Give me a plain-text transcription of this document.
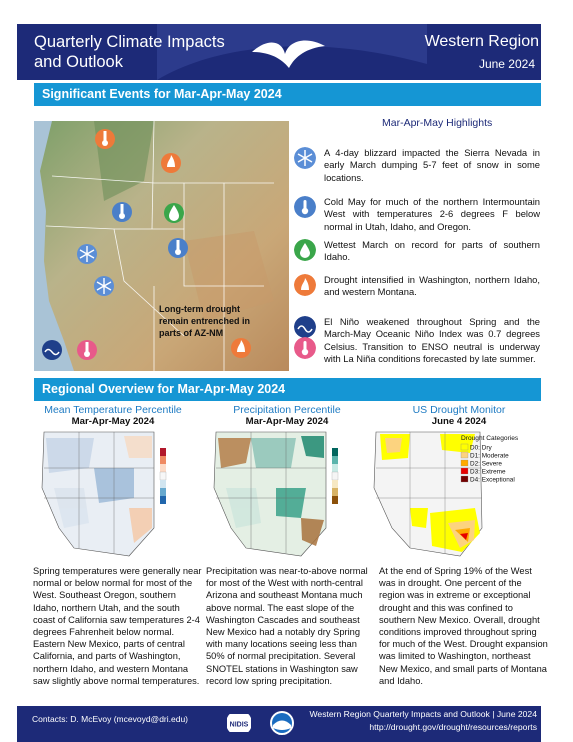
Quarterly Climate Impacts
and Outlook
Western Region
June 2024
Significant Events for Mar-Apr-May 2024
Long-term drought
remain entrenched in
parts of AZ-NM
Mar-Apr-May Highlights
A 4-day blizzard impacted the Sierra Nevada in early March dumping 5-7 feet of snow in some locations.
Cold May for much of the northern Intermountain West with temperatures 2-6 degrees F below normal in Utah, Idaho, and Oregon.
Wettest March on record for parts of southern Idaho.
Drought intensified in Washington, northern Idaho, and western Montana.
El Niño weakened throughout Spring and the March-May Oceanic Niño Index was 0.7 degrees Celsius. Transition to ENSO neutral is underway with La Niña conditions forecasted by late summer.
Regional Overview for Mar-Apr-May 2024
Mean Temperature Percentile
Mar-Apr-May 2024
Precipitation Percentile
Mar-Apr-May 2024
US Drought Monitor
June 4 2024
Drought Categories
D0: Dry
D1: Moderate
D2: Severe
D3: Extreme
D4: Exceptional
Spring temperatures were generally near normal or below normal for most of the West. Southeast Oregon, southern Idaho, northern Utah, and the south coast of California saw temperatures 2-4 degrees Fahrenheit below normal. Eastern New Mexico, parts of central California, and parts of Washington, northern Idaho, and western Montana saw slightly above normal temperatures.
Precipitation was near-to-above normal for most of the West with north-central Arizona and southeast Montana much above normal. The east slope of the Washington Cascades and southeast New Mexico had a notably dry Spring with many locations seeing less than 50% of normal precipitation. Several SNOTEL stations in Washington saw record low spring precipitation.
At the end of Spring 19% of the West was in drought. One percent of the region was in extreme or exceptional drought and this was confined to southern New Mexico. Overall, drought conditions improved throughout spring for much of the West. Drought expansion was limited to Washington, northeast New Mexico, and small parts of Montana and Idaho.
Contacts: D. McEvoy (mcevoyd@dri.edu)
NIDIS
NOAA
Western Region Quarterly Impacts and Outlook | June 2024
http://drought.gov/drought/resources/reports
